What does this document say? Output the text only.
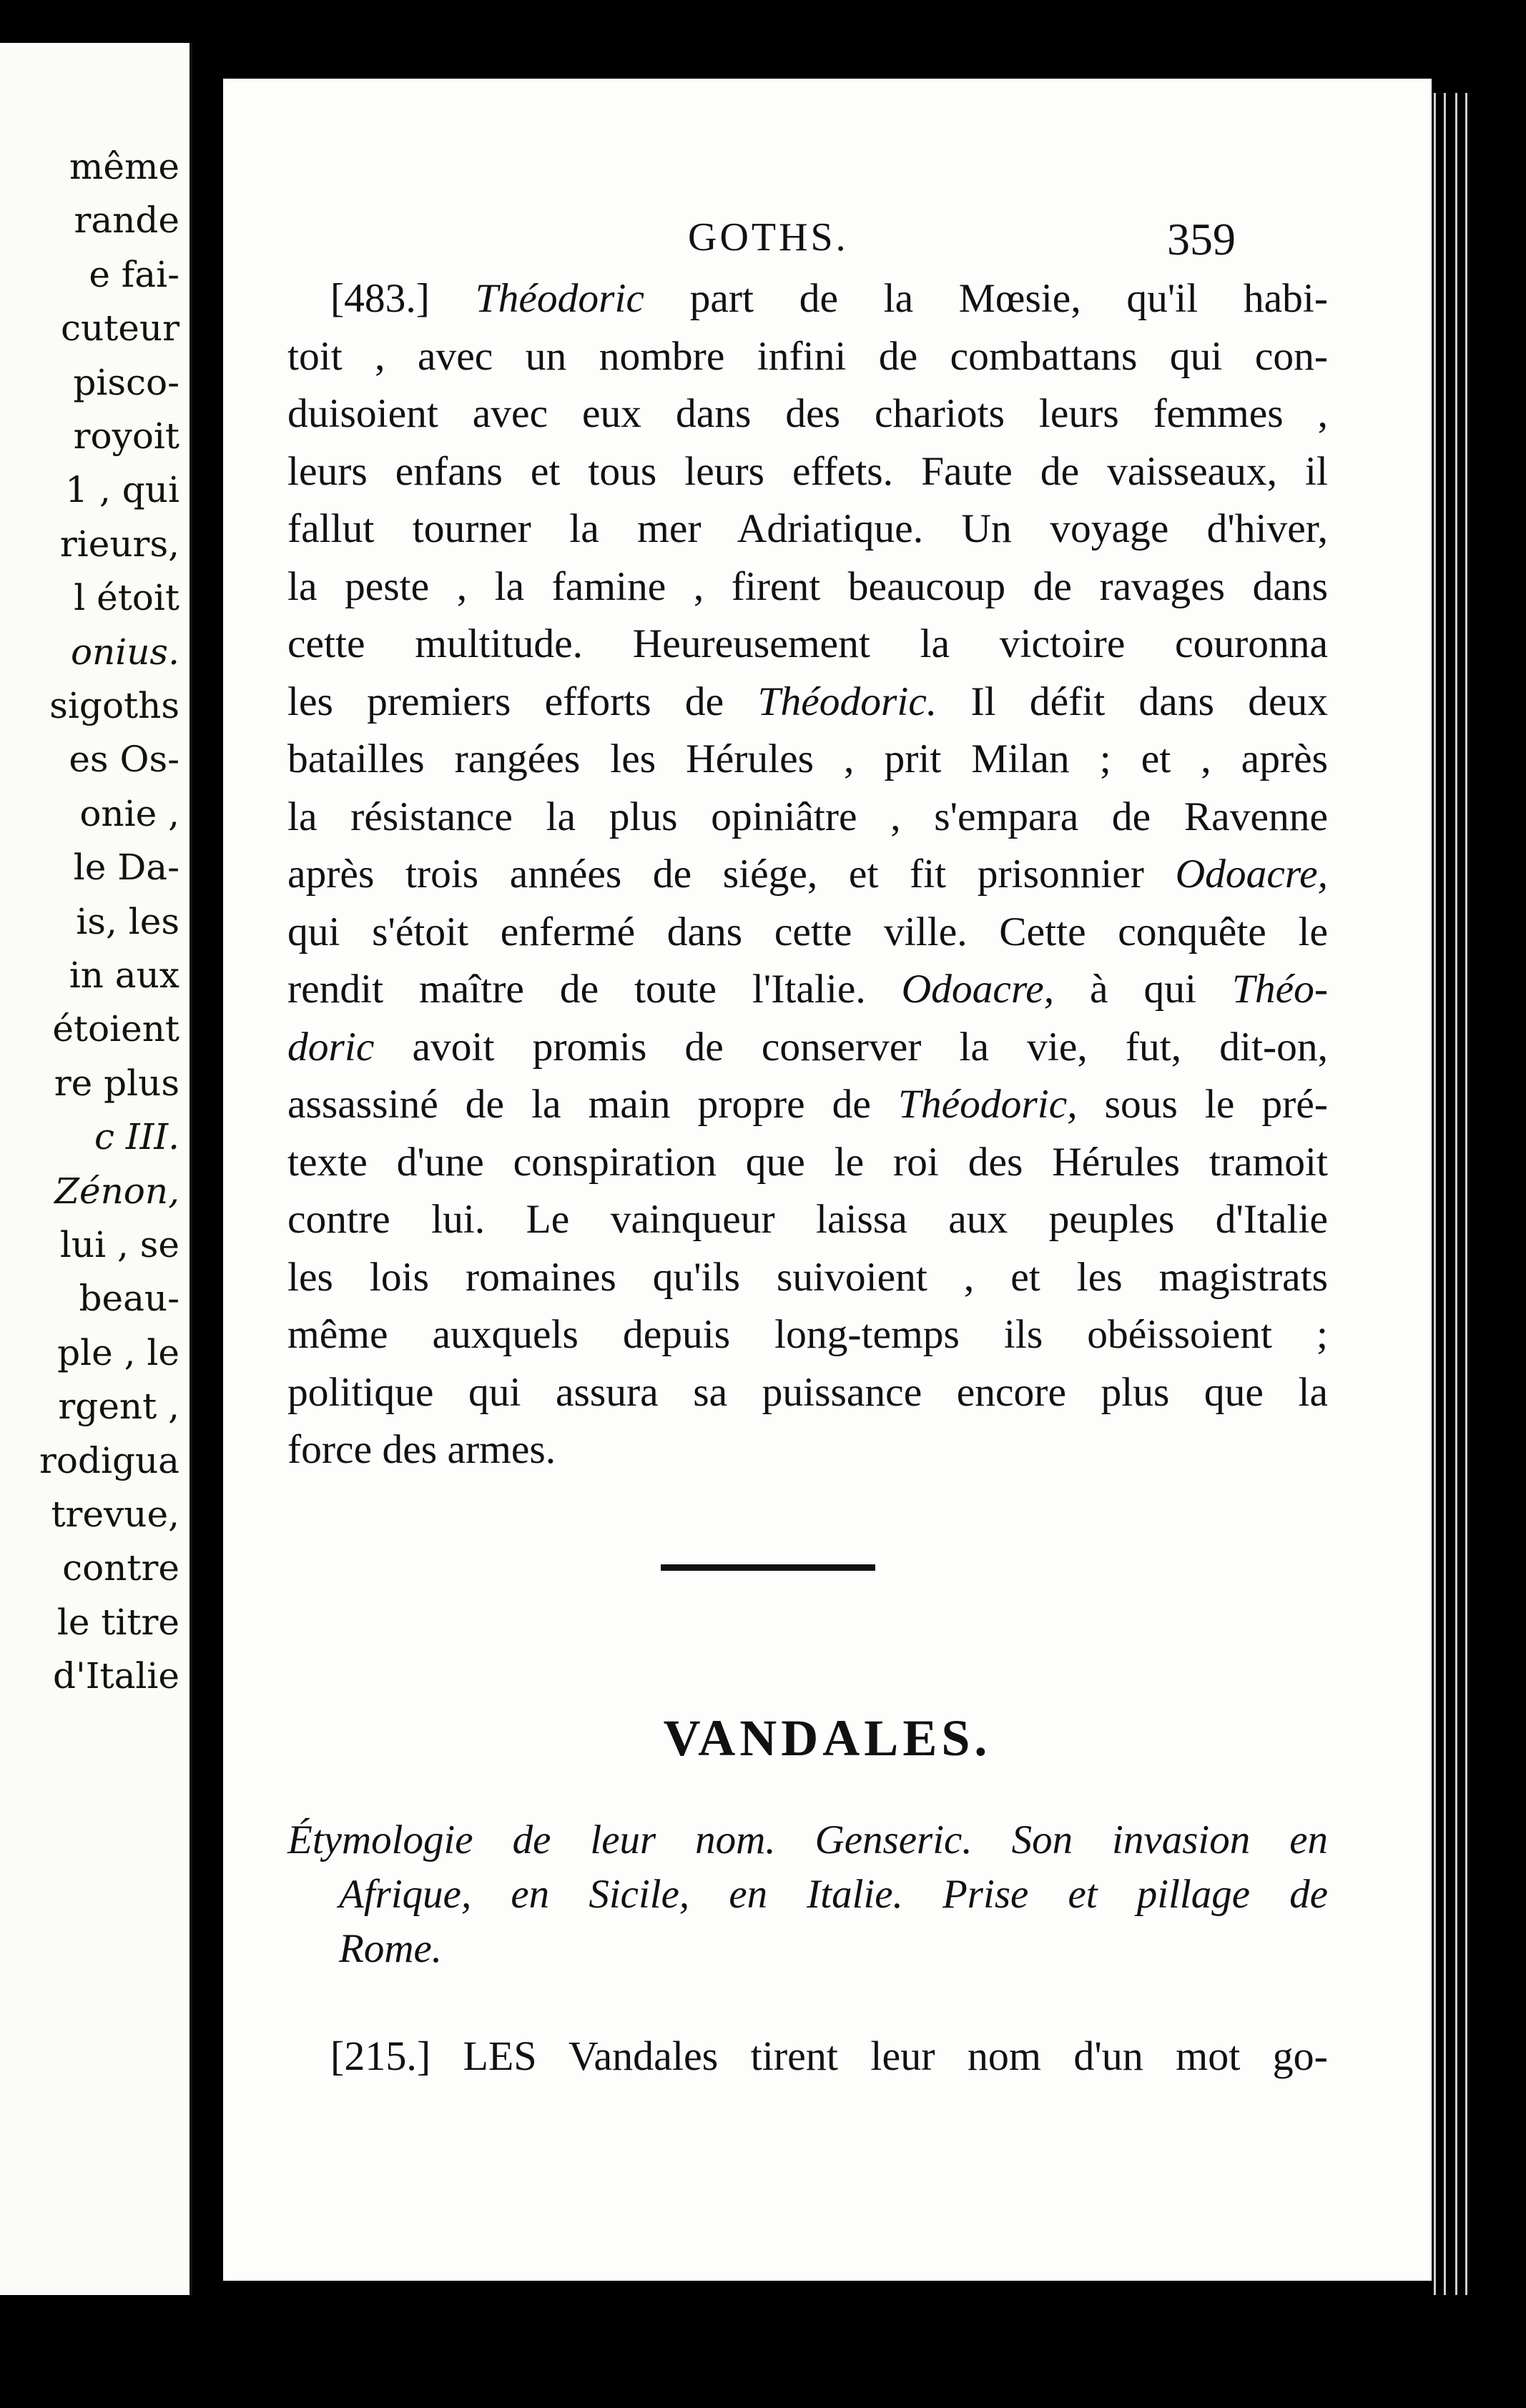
même
rande
e fai-
cuteur
pisco-
royoit
1 , qui
rieurs,
l étoit
onius.
sigoths
es Os-
onie ,
le Da-
is, les
in aux
étoient
re plus
c III.
Zénon,
lui , se
beau-
ple , le
rgent ,
rodigua
trevue,
contre
le titre
d'Italie
GOTHS.	359
[483.] Théodoric part de la Mœsie, qu'il habi-
toit , avec un nombre infini de combattans qui con-
duisoient avec eux dans des chariots leurs femmes ,
leurs enfans et tous leurs effets. Faute de vaisseaux, il
fallut tourner la mer Adriatique. Un voyage d'hiver,
la peste , la famine , firent beaucoup de ravages dans
cette multitude. Heureusement la victoire couronna
les premiers efforts de Théodoric. Il défit dans deux
batailles rangées les Hérules , prit Milan ; et , après
la résistance la plus opiniâtre , s'empara de Ravenne
après trois années de siége, et fit prisonnier Odoacre,
qui s'étoit enfermé dans cette ville. Cette conquête le
rendit maître de toute l'Italie. Odoacre, à qui Théo-
doric avoit promis de conserver la vie, fut, dit-on,
assassiné de la main propre de Théodoric, sous le pré-
texte d'une conspiration que le roi des Hérules tramoit
contre lui. Le vainqueur laissa aux peuples d'Italie
les lois romaines qu'ils suivoient , et les magistrats
même auxquels depuis long-temps ils obéissoient ;
politique qui assura sa puissance encore plus que la
force des armes.
VANDALES.
Étymologie de leur nom. Genseric. Son invasion en
Afrique, en Sicile, en Italie. Prise et pillage de
Rome.
[215.] LES Vandales tirent leur nom d'un mot go-
